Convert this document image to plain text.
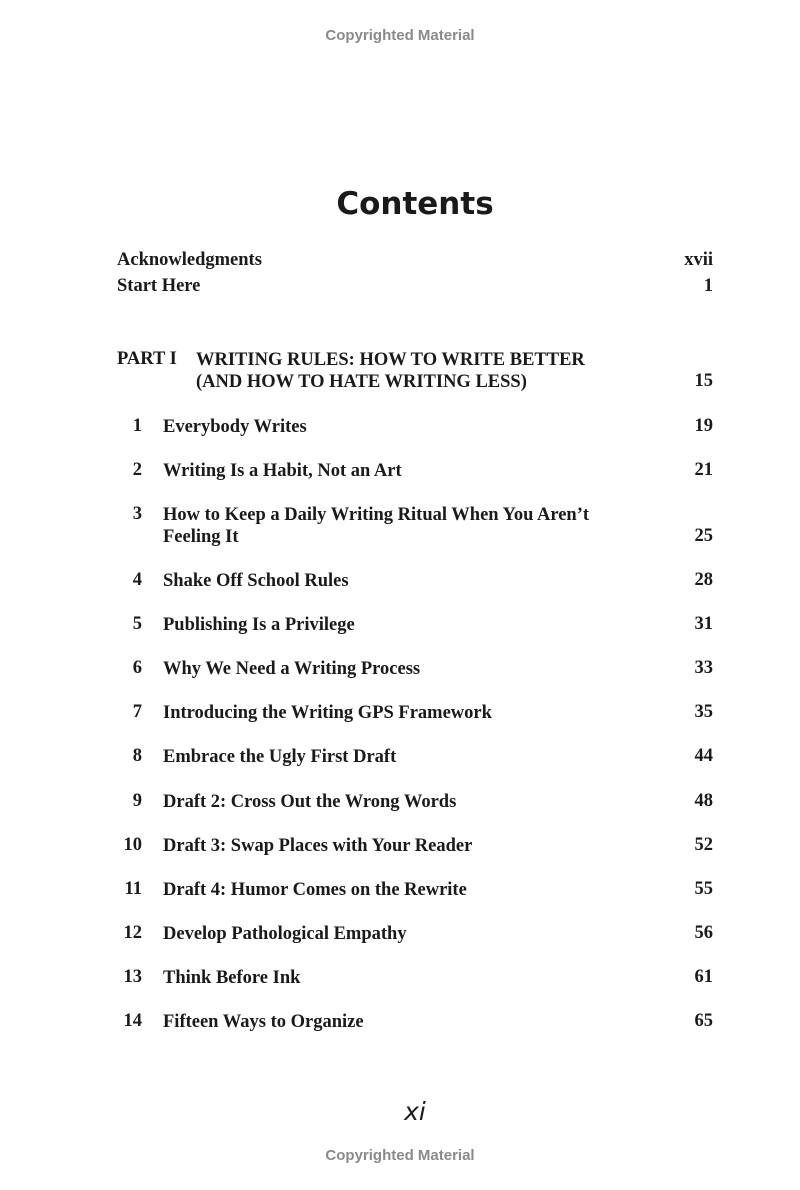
Copyrighted Material
Contents
Acknowledgments	xvii
Start Here	1
PART I WRITING RULES: HOW TO WRITE BETTER
(AND HOW TO HATE WRITING LESS)	15
1 Everybody Writes	19
2 Writing Is a Habit, Not an Art	21
3 How to Keep a Daily Writing Ritual When You Aren’t
Feeling It	25
4 Shake Off School Rules	28
5 Publishing Is a Privilege	31
6 Why We Need a Writing Process	33
7 Introducing the Writing GPS Framework	35
8 Embrace the Ugly First Draft	44
9 Draft 2: Cross Out the Wrong Words	48
10 Draft 3: Swap Places with Your Reader	52
11 Draft 4: Humor Comes on the Rewrite	55
12 Develop Pathological Empathy	56
13 Think Before Ink	61
14 Fifteen Ways to Organize	65
xi
Copyrighted Material
